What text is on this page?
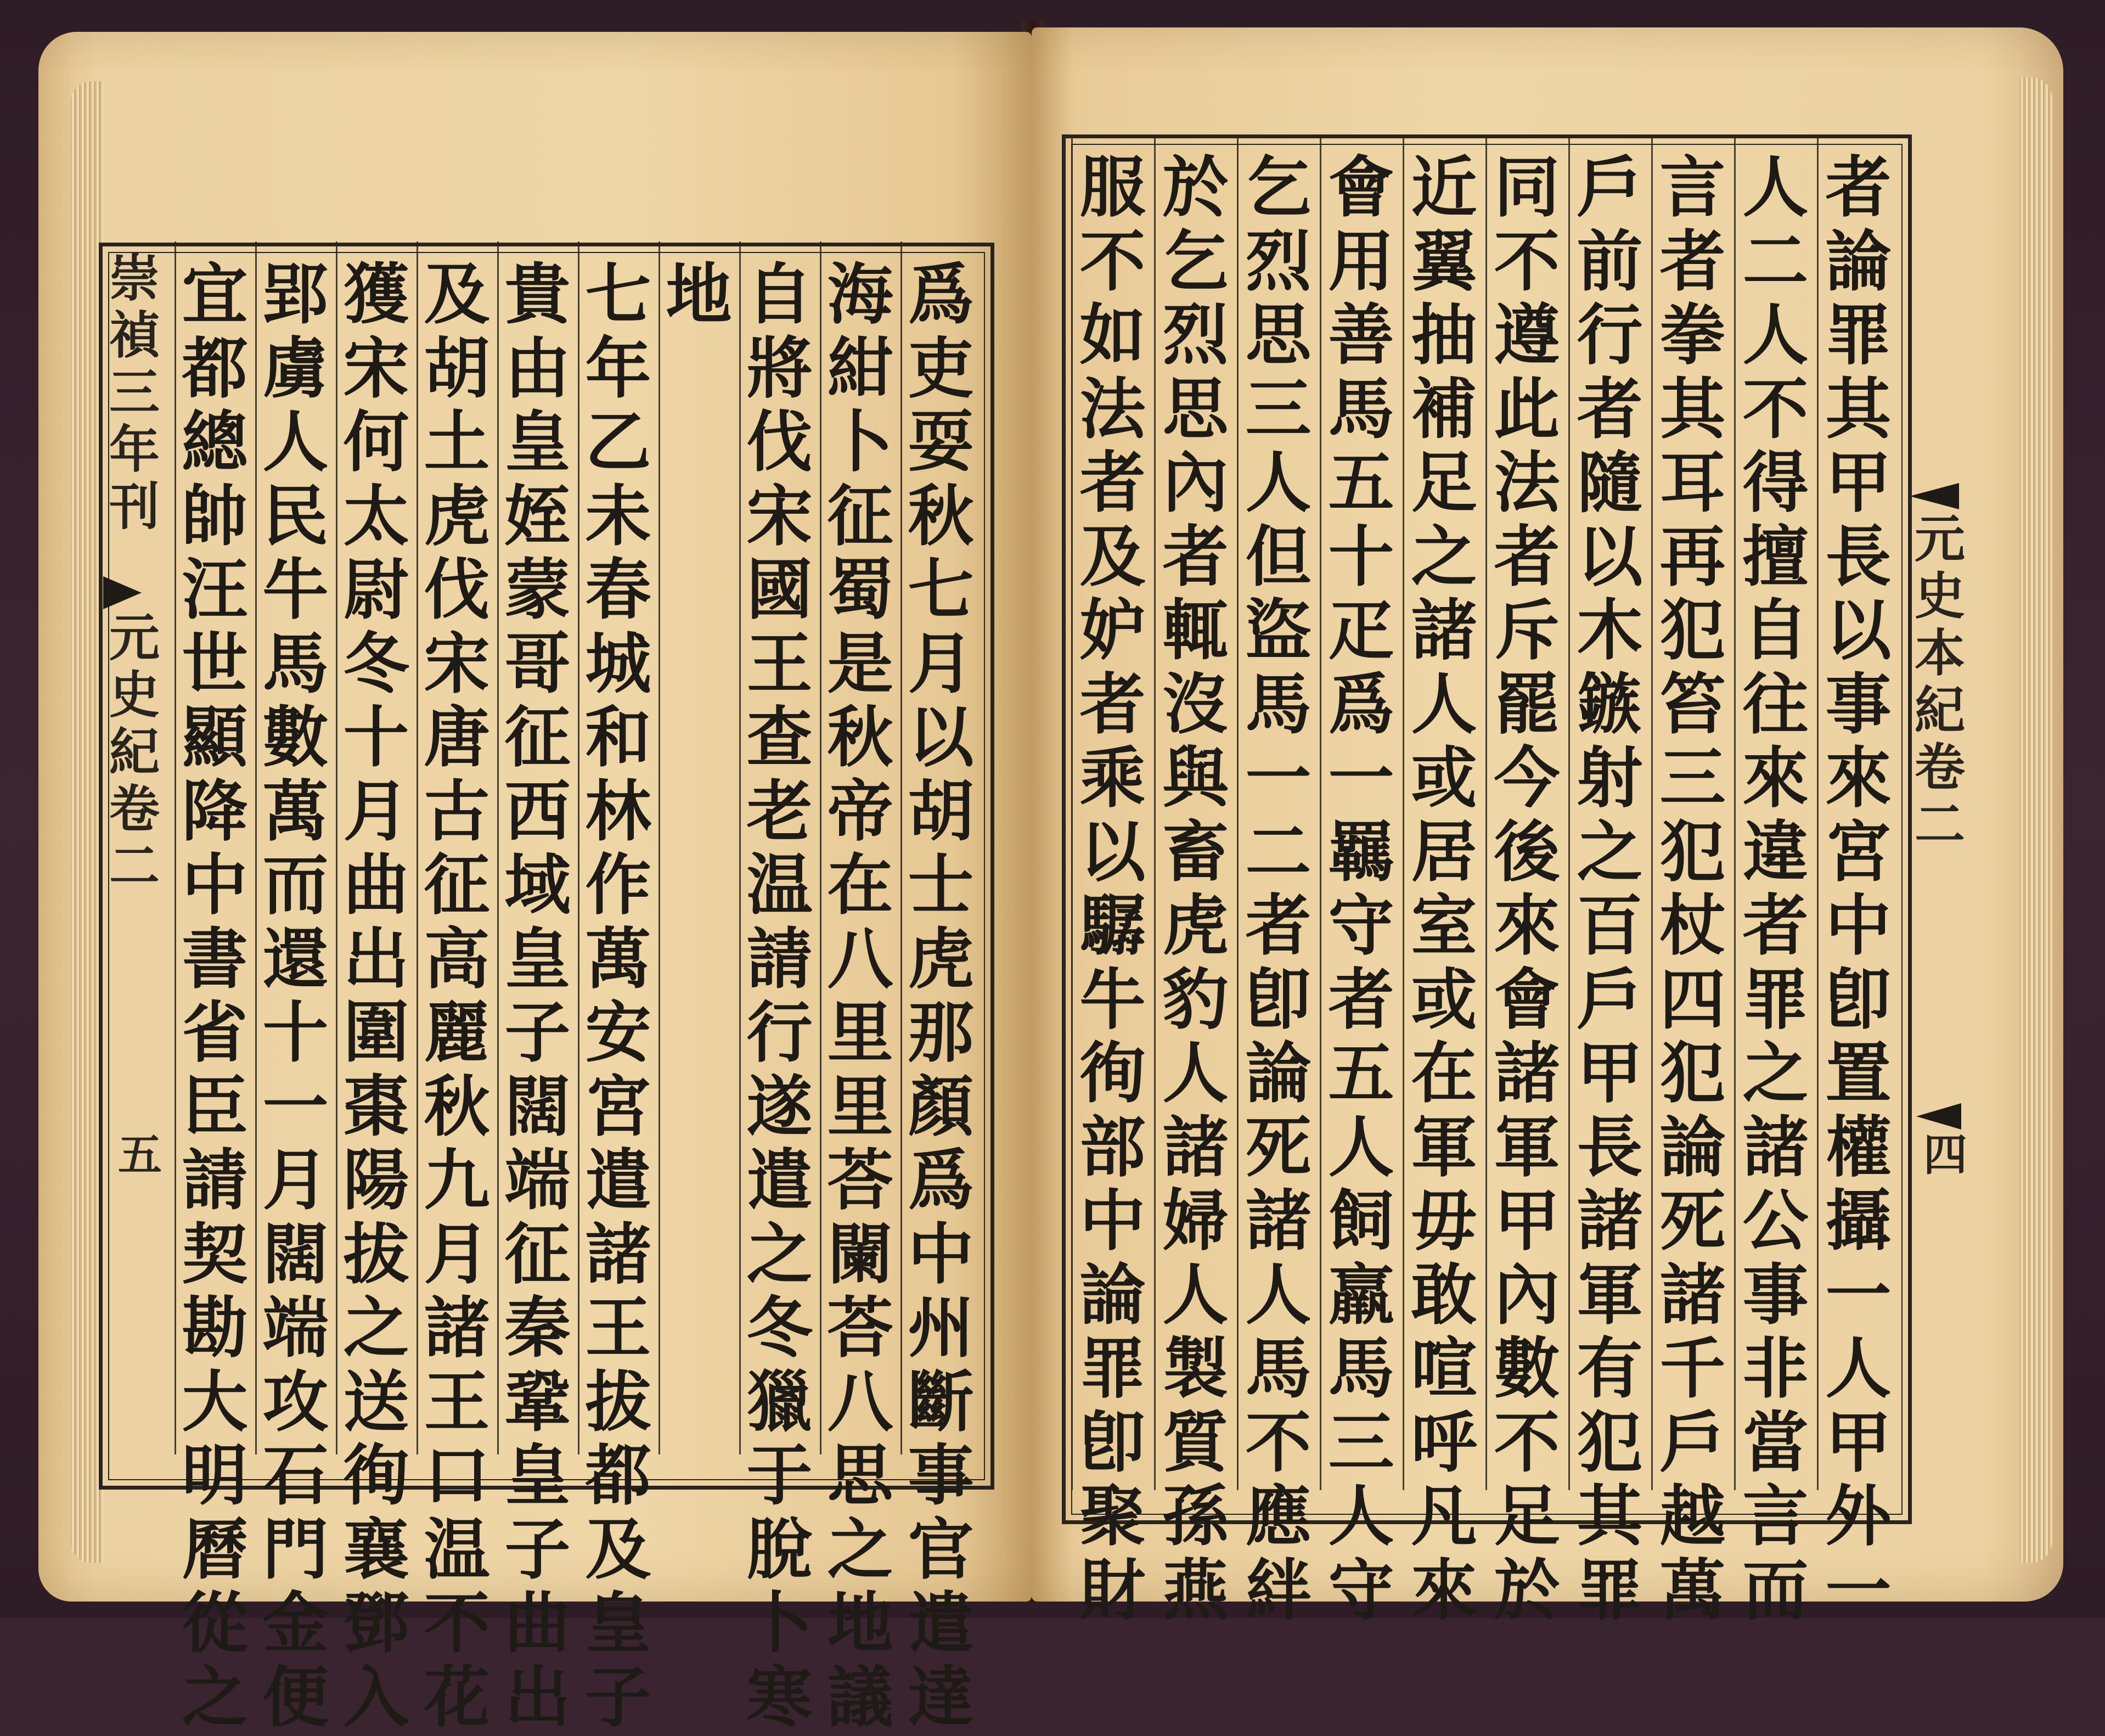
崇
禎
三
年
刊
元
史
紀
卷
二
五
爲
吏
耍
秋
七
月
以
胡
士
虎
那
顏
爲
中
州
斷
事
官
遣
達
海
紺
卜
征
蜀
是
秋
帝
在
八
里
里
荅
闌
荅
八
思
之
地
議
自
將
伐
宋
國
王
查
老
温
請
行
遂
遣
之
冬
獵
于
脫
卜
寒
地
七
年
乙
未
春
城
和
林
作
萬
安
宮
遣
諸
王
拔
都
及
皇
子
貴
由
皇
姪
蒙
哥
征
西
域
皇
子
闊
端
征
秦
鞏
皇
子
曲
出
及
胡
土
虎
伐
宋
唐
古
征
高
麗
秋
九
月
諸
王
口
温
不
花
獲
宋
何
太
尉
冬
十
月
曲
出
圍
棗
陽
拔
之
送
徇
襄
鄧
入
郢
虜
人
民
牛
馬
數
萬
而
還
十
一
月
闊
端
攻
石
門
金
便
宜
都
總
帥
汪
世
顯
降
中
書
省
臣
請
契
勘
大
明
曆
從
之
元
史
本
紀
卷
二
四
者
論
罪
其
甲
長
以
事
來
宮
中
卽
置
權
攝
一
人
甲
外
一
人
二
人
不
得
擅
自
往
來
違
者
罪
之
諸
公
事
非
當
言
而
言
者
拳
其
耳
再
犯
笞
三
犯
杖
四
犯
論
死
諸
千
戶
越
萬
戶
前
行
者
隨
以
木
鏃
射
之
百
戶
甲
長
諸
軍
有
犯
其
罪
同
不
遵
此
法
者
斥
罷
今
後
來
會
諸
軍
甲
內
數
不
足
於
近
翼
抽
補
足
之
諸
人
或
居
室
或
在
軍
毋
敢
喧
呼
凡
來
會
用
善
馬
五
十
疋
爲
一
羈
守
者
五
人
飼
羸
馬
三
人
守
乞
烈
思
三
人
但
盜
馬
一
二
者
卽
論
死
諸
人
馬
不
應
絆
於
乞
烈
思
內
者
輒
沒
與
畜
虎
豹
人
諸
婦
人
製
質
孫
燕
服
不
如
法
者
及
妒
者
乘
以
驏
牛
徇
部
中
論
罪
卽
聚
財
